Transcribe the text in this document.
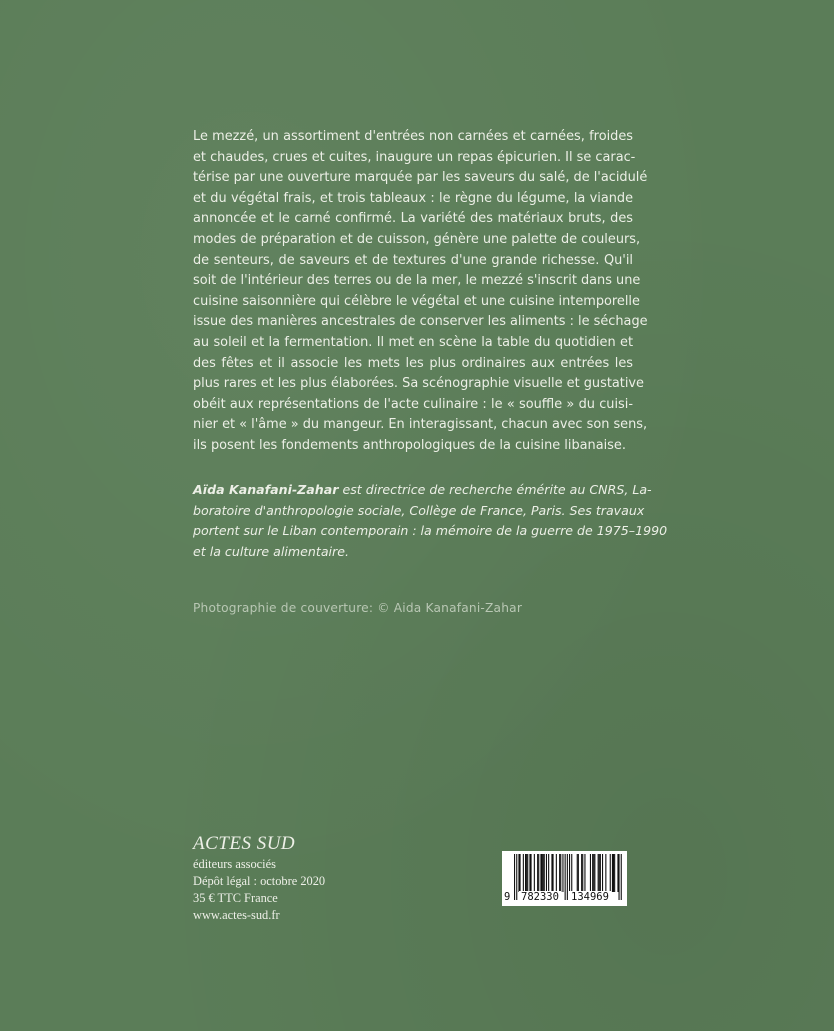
Le mezzé, un assortiment d'entrées non carnées et carnées, froides
et chaudes, crues et cuites, inaugure un repas épicurien. Il se carac-
térise par une ouverture marquée par les saveurs du salé, de l'acidulé
et du végétal frais, et trois tableaux : le règne du légume, la viande
annoncée et le carné confirmé. La variété des matériaux bruts, des
modes de préparation et de cuisson, génère une palette de couleurs,
de senteurs, de saveurs et de textures d'une grande richesse. Qu'il
soit de l'intérieur des terres ou de la mer, le mezzé s'inscrit dans une
cuisine saisonnière qui célèbre le végétal et une cuisine intemporelle
issue des manières ancestrales de conserver les aliments : le séchage
au soleil et la fermentation. Il met en scène la table du quotidien et
des fêtes et il associe les mets les plus ordinaires aux entrées les
plus rares et les plus élaborées. Sa scénographie visuelle et gustative
obéit aux représentations de l'acte culinaire : le « souffle » du cuisi-
nier et « l'âme » du mangeur. En interagissant, chacun avec son sens,
ils posent les fondements anthropologiques de la cuisine libanaise.
Aïda Kanafani-Zahar est directrice de recherche émérite au CNRS, La-
boratoire d'anthropologie sociale, Collège de France, Paris. Ses travaux
portent sur le Liban contemporain : la mémoire de la guerre de 1975–1990
et la culture alimentaire.
Photographie de couverture: © Aida Kanafani-Zahar
ACTES SUD
éditeurs associés
Dépôt légal : octobre 2020
35 € TTC France
www.actes-sud.fr
9 782330 134969
